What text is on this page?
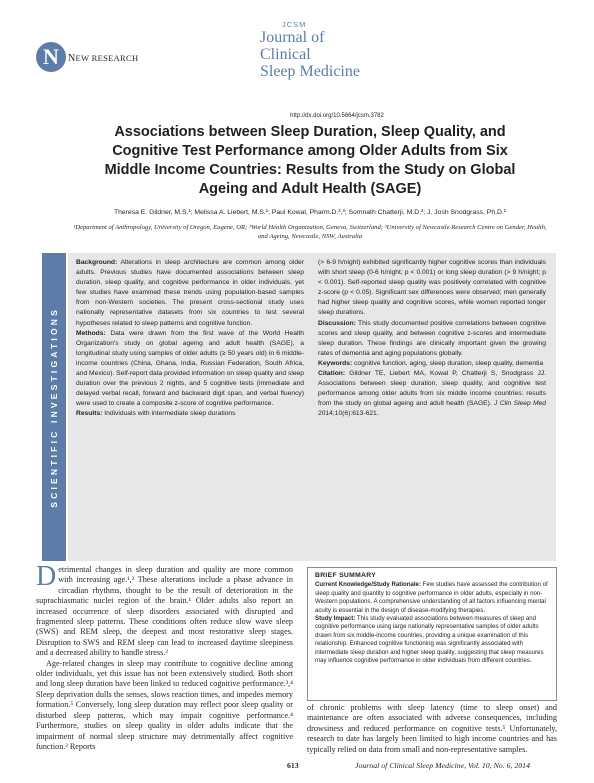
N NEW RESEARCH
JCSM
Journal of Clinical
Sleep Medicine
http://dx.doi.org/10.5664/jcsm.3782
Associations between Sleep Duration, Sleep Quality, and Cognitive Test Performance among Older Adults from Six Middle Income Countries: Results from the Study on Global Ageing and Adult Health (SAGE)
Theresa E. Gildner, M.S.¹; Melissa A. Liebert, M.S.¹; Paul Kowal, Pharm.D.²,³; Somnath Chatterji, M.D.²; J. Josh Snodgrass, Ph.D.¹
¹Department of Anthropology, University of Oregon, Eugene, OR; ²World Health Organization, Geneva, Switzerland; ³University of Newcastle Research Centre on Gender, Health, and Ageing, Newcastle, NSW, Australia
SCIENTIFIC INVESTIGATIONS

Background: Alterations in sleep architecture are common among older adults. Previous studies have documented associations between sleep duration, sleep quality, and cognitive performance in older individuals, yet few studies have examined these trends using population-based samples from non-Western societies. The present cross-sectional study uses nationally representative datasets from six countries to test several hypotheses related to sleep patterns and cognitive function.

Methods: Data were drawn from the first wave of the World Health Organization's study on global ageing and adult health (SAGE), a longitudinal study using samples of older adults (≥ 50 years old) in 6 middle-income countries (China, Ghana, India, Russian Federation, South Africa, and Mexico). Self-report data provided information on sleep quality and sleep duration over the previous 2 nights, and 5 cognitive tests (immediate and delayed verbal recall, forward and backward digit span, and verbal fluency) were used to create a composite z-score of cognitive performance.

Results: Individuals with intermediate sleep durations

(> 6-9 h/night) exhibited significantly higher cognitive scores than individuals with short sleep (0-6 h/night; p < 0.001) or long sleep duration (> 9 h/night; p < 0.001). Self-reported sleep quality was positively correlated with cognitive z-score (p < 0.05). Significant sex differences were observed; men generally had higher sleep quality and cognitive scores, while women reported longer sleep durations.

Discussion: This study documented positive correlations between cognitive scores and sleep quality, and between cognitive z-scores and intermediate sleep duration. These findings are clinically important given the growing rates of dementia and aging populations globally.

Keywords: cognitive function, aging, sleep duration, sleep quality, dementia

Citation: Gildner TE, Liebert MA, Kowal P, Chatterji S, Snodgrass JJ. Associations between sleep duration, sleep quality, and cognitive test performance among older adults from six middle income countries: results from the study on global ageing and adult health (SAGE). J Clin Sleep Med 2014;10(6):613-621.

Detrimental changes in sleep duration and quality are more common with increasing age.¹,² These alterations include a phase advance in circadian rhythms, thought to be the result of deterioration in the suprachiasmatic nuclei region of the brain.¹ Older adults also report an increased occurrence of sleep disorders associated with disrupted and fragmented sleep patterns. These conditions often reduce slow wave sleep (SWS) and REM sleep, the deepest and most restorative sleep stages. Disruption to SWS and REM sleep can lead to increased daytime sleepiness and a decreased ability to handle stress.²

Age-related changes in sleep may contribute to cognitive decline among older individuals, yet this issue has not been extensively studied. Both short and long sleep duration have been linked to reduced cognitive performance.³,⁴ Sleep deprivation dulls the senses, slows reaction times, and impedes memory formation.⁵ Conversely, long sleep duration may reflect poor sleep quality or disturbed sleep patterns, which may impair cognitive performance.⁴ Furthermore, studies on sleep quality in older adults indicate that the impairment of normal sleep structure may detrimentally affect cognitive function.² Reports

BRIEF SUMMARY

Current Knowledge/Study Rationale: Few studies have assessed the contribution of sleep quality and quantity to cognitive performance in older adults, especially in non-Western populations. A comprehensive understanding of all factors influencing mental acuity is essential in the design of disease-modifying therapies.

Study Impact: This study evaluated associations between measures of sleep and cognitive performance using large nationally representative samples of older adults drawn from six middle-income countries, providing a unique examination of this relationship. Enhanced cognitive functioning was significantly associated with intermediate sleep duration and higher sleep quality, suggesting that sleep measures may influence cognitive performance in older individuals from different countries.

of chronic problems with sleep latency (time to sleep onset) and maintenance are often associated with adverse consequences, including drowsiness and reduced performance on cognitive tests.⁵ Unfortunately, research to date has largely been limited to high income countries and has typically relied on data from small and non-representative samples.

613	Journal of Clinical Sleep Medicine, Vol. 10, No. 6, 2014
